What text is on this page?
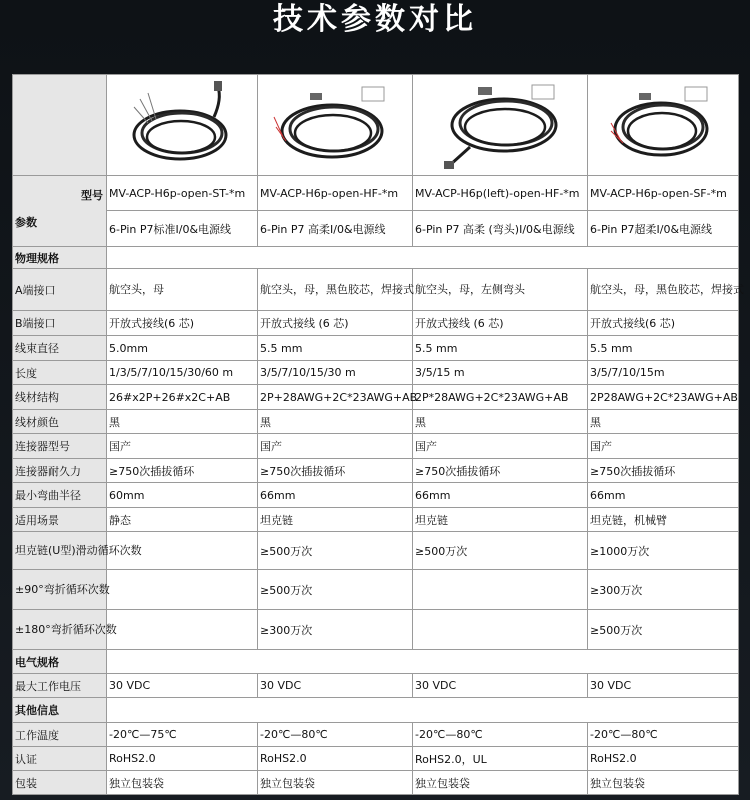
技术参数对比

型号
参数	MV-ACP-H6p-open-ST-*m	MV-ACP-H6p-open-HF-*m	MV-ACP-H6p(left)-open-HF-*m	MV-ACP-H6p-open-SF-*m
	6-Pin P7标准I/0&电源线	6-Pin P7 高柔I/0&电源线	6-Pin P7 高柔 (弯头)I/0&电源线	6-Pin P7超柔I/0&电源线
物理规格				
A端接口	航空头，母	航空头，母，黑色胶芯，焊接式	航空头，母，左侧弯头	航空头，母，黑色胶芯，焊接式
B端接口	开放式接线(6 芯)	开放式接线 (6 芯)	开放式接线 (6 芯)	开放式接线(6 芯)
线束直径	5.0mm	5.5 mm	5.5 mm	5.5 mm
长度	1/3/5/7/10/15/30/60 m	3/5/7/10/15/30 m	3/5/15 m	3/5/7/10/15m
线材结构	26#x2P+26#x2C+AB	2P+28AWG+2C*23AWG+AB	2P*28AWG+2C*23AWG+AB	2P28AWG+2C*23AWG+AB
线材颜色	黑	黑	黑	黑
连接器型号	国产	国产	国产	国产
连接器耐久力	≥750次插拔循环	≥750次插拔循环	≥750次插拔循环	≥750次插拔循环
最小弯曲半径	60mm	66mm	66mm	66mm
适用场景	静态	坦克链	坦克链	坦克链，机械臂
坦克链(U型)滑动循环次数		≥500万次	≥500万次	≥1000万次
±90°弯折循环次数		≥500万次		≥300万次
±180°弯折循环次数		≥300万次		≥500万次
电气规格				
最大工作电压	30 VDC	30 VDC	30 VDC	30 VDC
其他信息				
工作温度	-20℃—75℃	-20℃—80℃	-20℃—80℃	-20℃—80℃
认证	RoHS2.0	RoHS2.0	RoHS2.0，UL	RoHS2.0
包装	独立包装袋	独立包装袋	独立包装袋	独立包装袋
